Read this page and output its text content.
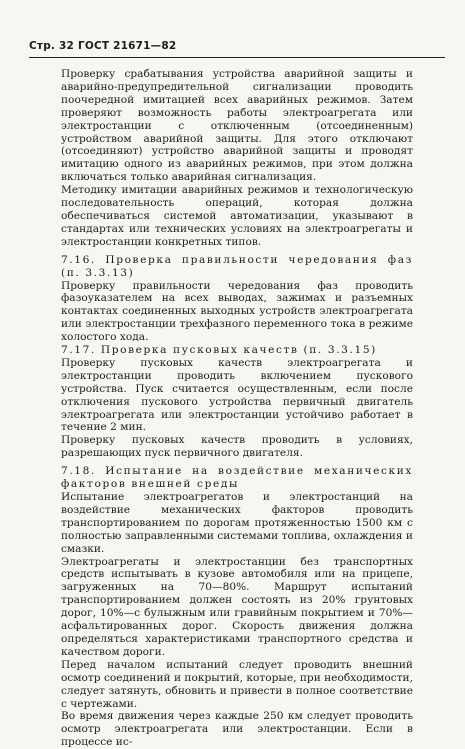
Стр. 32 ГОСТ 21671—82

Проверку срабатывания устройства аварийной защиты и аварийно-предупредительной сигнализации проводить поочередной имитацией всех аварийных режимов. Затем проверяют возможность работы электроагрегата или электростанции с отключенным (отсоединенным) устройством аварийной защиты. Для этого отключают (отсоединяют) устройство аварийной защиты и проводят имитацию одного из аварийных режимов, при этом должна включаться только аварийная сигнализация.

Методику имитации аварийных режимов и технологическую последовательность операций, которая должна обеспечиваться системой автоматизации, указывают в стандартах или технических условиях на электроагрегаты и электростанции конкретных типов.

7.16. Проверка правильности чередования фаз (п. 3.3.13)

Проверку правильности чередования фаз проводить фазоуказателем на всех выводах, зажимах и разъемных контактах соединенных выходных устройств электроагрегата или электростанции трехфазного переменного тока в режиме холостого хода.

7.17. Проверка пусковых качеств (п. 3.3.15)

Проверку пусковых качеств электроагрегата и электростанции проводить включением пускового устройства. Пуск считается осуществленным, если после отключения пускового устройства первичный двигатель электроагрегата или электростанции устойчиво работает в течение 2 мин.

Проверку пусковых качеств проводить в условиях, разрешающих пуск первичного двигателя.

7.18. Испытание на воздействие механических факторов внешней среды

Испытание электроагрегатов и электростанций на воздействие механических факторов проводить транспортированием по дорогам протяженностью 1500 км с полностью заправленными системами топлива, охлаждения и смазки.

Электроагрегаты и электростанции без транспортных средств испытывать в кузове автомобиля или на прицепе, загруженных на 70—80%. Маршрут испытаний транспортированием должен состоять из 20% грунтовых дорог, 10%—с булыжным или гравийным покрытием и 70%—асфальтированных дорог. Скорость движения должна определяться характеристиками транспортного средства и качеством дороги.

Перед началом испытаний следует проводить внешний осмотр соединений и покрытий, которые, при необходимости, следует затянуть, обновить и привести в полное соответствие с чертежами.

Во время движения через каждые 250 км следует проводить осмотр электроагрегата или электростанции. Если в процессе ис-
